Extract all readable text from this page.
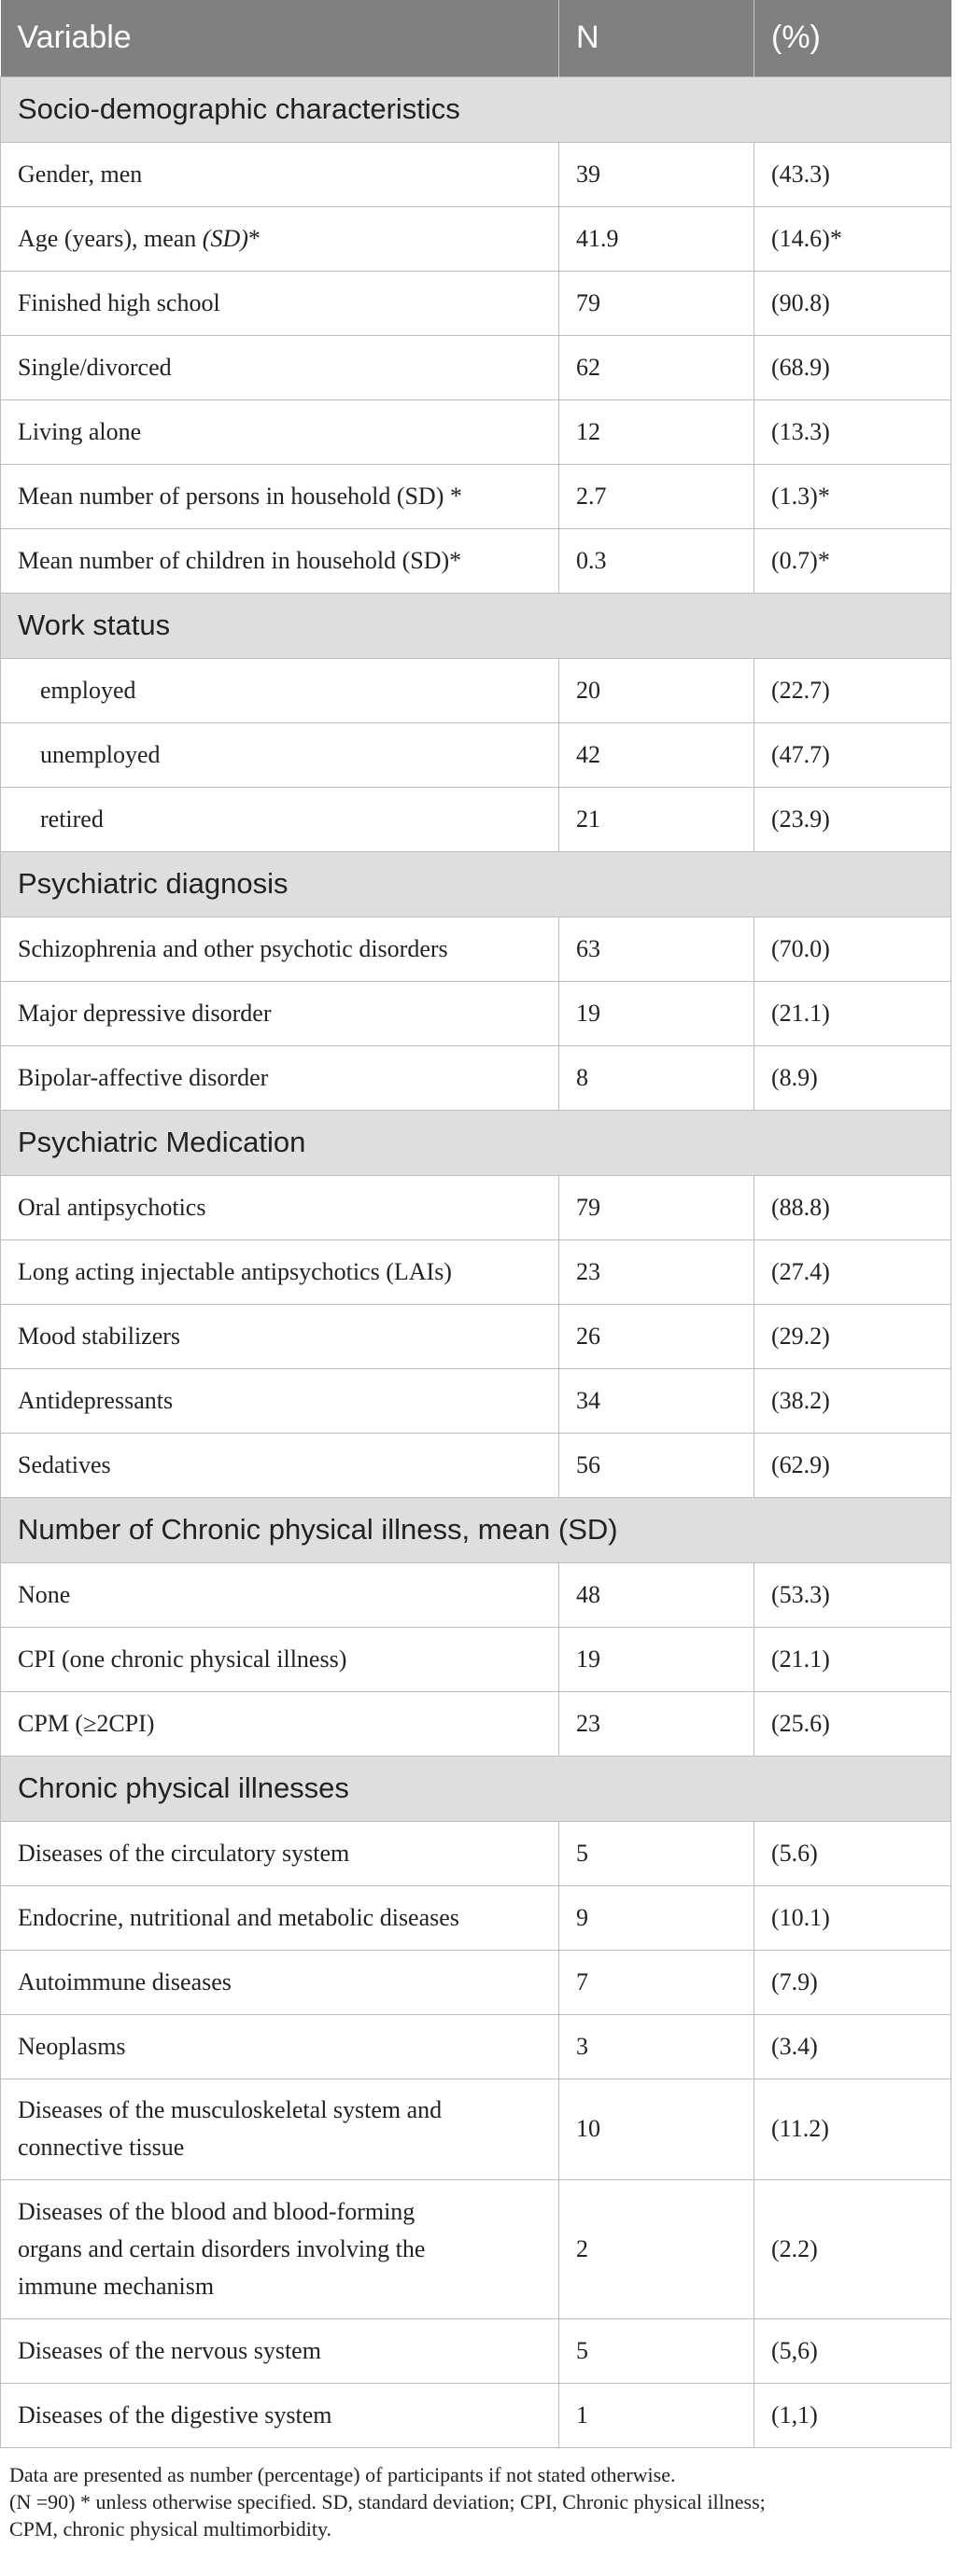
Variable	N	(%)
Socio-demographic characteristics		
Gender, men	39	(43.3)
Age (years), mean (SD)*	41.9	(14.6)*
Finished high school	79	(90.8)
Single/divorced	62	(68.9)
Living alone	12	(13.3)
Mean number of persons in household (SD) *	2.7	(1.3)*
Mean number of children in household (SD)*	0.3	(0.7)*
Work status		
employed	20	(22.7)
unemployed	42	(47.7)
retired	21	(23.9)
Psychiatric diagnosis		
Schizophrenia and other psychotic disorders	63	(70.0)
Major depressive disorder	19	(21.1)
Bipolar-affective disorder	8	(8.9)
Psychiatric Medication		
Oral antipsychotics	79	(88.8)
Long acting injectable antipsychotics (LAIs)	23	(27.4)
Mood stabilizers	26	(29.2)
Antidepressants	34	(38.2)
Sedatives	56	(62.9)
Number of Chronic physical illness, mean (SD)		
None	48	(53.3)
CPI (one chronic physical illness)	19	(21.1)
CPM (≥2CPI)	23	(25.6)
Chronic physical illnesses		
Diseases of the circulatory system	5	(5.6)
Endocrine, nutritional and metabolic diseases	9	(10.1)
Autoimmune diseases	7	(7.9)
Neoplasms	3	(3.4)

Diseases of the musculoskeletal system and
connective tissue	10	(11.2)

Diseases of the blood and blood-forming
organs and certain disorders involving the
immune mechanism	2	(2.2)
Diseases of the nervous system	5	(5,6)
Diseases of the digestive system	1	(1,1)

Data are presented as number (percentage) of participants if not stated otherwise.

(N =90) * unless otherwise specified. SD, standard deviation; CPI, Chronic physical illness;

CPM, chronic physical multimorbidity.
